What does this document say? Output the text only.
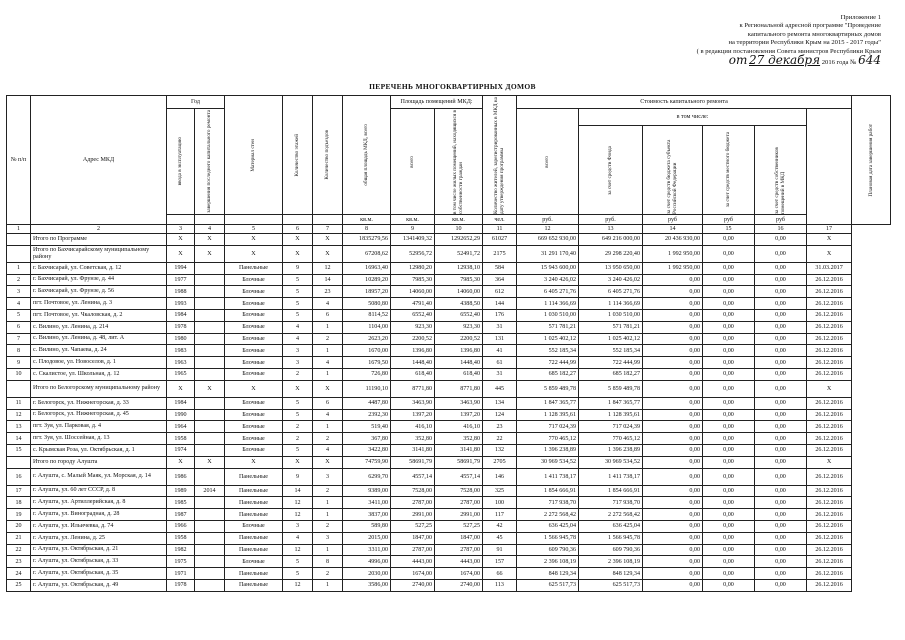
Приложение 1
к Региональной адресной программе "Проведение
капитального ремонта многоквартирных домов
на территории Республики Крым на 2015 - 2017 годы"
( в редакции постановления Совета министров Республики Крым
от 27 декабря 2016 года № 644
ПЕРЕЧЕНЬ МНОГОКВАРТИРНЫХ ДОМОВ
№ п/п	Адрес МКД	Год		Материал стен	Количество этажей	Количество подъездов	общая площадь МКД, всего	Площадь помещений МКД:		Количество жителей, зарегистрированных в МКД на дату утверждения программы	Стоимость капитального ремонта						Плановая дата завершения работ

		ввода в эксплуатацию	завершения последнего капитального ремонта					всего	в том числе жилых помещений, находящихся в собственности граждан		всего	в том числе:					

												за счет средств Фонда	за счет средств бюджета субъекта Российской Федерации	за счет средств местного бюджета	за счет средств собственников помещений в МКД		

							кв.м.	кв.м.	кв.м.	чел.	руб.	руб.	руб	руб	руб		
1	2	3	4	5	6	7	8	9	10	11	12	13	14	15	16	17	
	Итого по Программе	X	X	X	X	X	1835279,56	1341409,32	1292652,29	61027	669 652 930,00	649 216 000,00	20 436 930,00	0,00	0,00	X	
	Итого по Бахчисарайскому муниципальному району	X	X	X	X	X	67208,62	52956,72	52491,72	2175	31 291 170,40	29 298 220,40	1 992 950,00	0,00	0,00	X	
1	г. Бахчисарай, ул. Советская, д. 12	1994		Панельные	9	12	16963,40	12980,20	12938,10	584	15 943 600,00	13 950 650,00	1 992 950,00	0,00	0,00	31.03.2017	
2	г. Бахчисарай, ул. Фрунзе, д. 44	1977		Блочные	5	14	10289,20	7985,30	7985,30	364	3 240 426,02	3 240 426,02	0,00	0,00	0,00	26.12.2016	
3	г. Бахчисарай, ул. Фрунзе, д. 56	1988		Блочные	5	23	18957,20	14060,00	14060,00	612	6 405 271,76	6 405 271,76	0,00	0,00	0,00	26.12.2016	
4	пгт. Почтовое, ул. Ленина, д. 3	1993		Блочные	5	4	5080,80	4791,40	4388,50	144	1 114 366,69	1 114 366,69	0,00	0,00	0,00	26.12.2016	
5	пгт. Почтовое, ул. Чкаловская, д. 2	1984		Блочные	5	6	8114,52	6552,40	6552,40	176	1 030 510,00	1 030 510,00	0,00	0,00	0,00	26.12.2016	
6	с. Вилино, ул. Ленина, д. 214	1978		Блочные	4	1	1104,00	923,30	923,30	31	571 781,21	571 781,21	0,00	0,00	0,00	26.12.2016	
7	с. Вилино, ул. Ленина, д. 48, лит. А	1980		Блочные	4	2	2623,20	2200,52	2200,52	131	1 025 402,12	1 025 402,12	0,00	0,00	0,00	26.12.2016	
8	с. Вилино, ул. Чапаева, д. 24	1983		Блочные	3	1	1670,00	1396,80	1396,80	41	552 185,34	552 185,34	0,00	0,00	0,00	26.12.2016	
9	с. Плодовое, ул. Новоселов, д. 1	1963		Блочные	3	4	1679,50	1448,40	1448,40	61	722 444,99	722 444,99	0,00	0,00	0,00	26.12.2016	
10	с. Скалистое, ул. Школьная, д. 12	1965		Блочные	2	1	726,80	618,40	618,40	31	685 182,27	685 182,27	0,00	0,00	0,00	26.12.2016	
	Итого по Белогорскому муниципальному району	X	X	X	X	X	11190,10	8771,80	8771,80	445	5 859 489,78	5 859 489,78	0,00	0,00	0,00	X	
11	г. Белогорск, ул. Нижнегорская, д. 33	1984		Блочные	5	6	4487,80	3463,90	3463,90	134	1 847 365,77	1 847 365,77	0,00	0,00	0,00	26.12.2016	
12	г. Белогорск, ул. Нижнегорская, д. 45	1990		Блочные	5	4	2392,30	1397,20	1397,20	124	1 128 395,61	1 128 395,61	0,00	0,00	0,00	26.12.2016	
13	пгт. Зуя, ул. Парковая, д. 4	1964		Блочные	2	1	519,40	416,10	416,10	23	717 024,39	717 024,39	0,00	0,00	0,00	26.12.2016	
14	пгт. Зуя, ул. Шоссейная, д. 13	1958		Блочные	2	2	367,80	352,80	352,80	22	770 465,12	770 465,12	0,00	0,00	0,00	26.12.2016	
15	с. Крымская Роза, ул. Октябрьская, д. 1	1974		Блочные	5	4	3422,80	3141,80	3141,80	132	1 396 238,89	1 396 238,89	0,00	0,00	0,00	26.12.2016	
	Итого по городу Алушта	X	X	X	X	X	74759,90	58691,79	58691,79	2705	30 969 534,52	30 969 534,52	0,00	0,00	0,00	X	
16	г. Алушта, с. Малый Маяк, ул. Морская, д. 14	1986		Панельные	9	3	6299,70	4557,14	4557,14	146	1 411 738,17	1 411 738,17	0,00	0,00	0,00	26.12.2016	
17	г. Алушта, ул. 60 лет СССР, д. 8	1989	2014	Панельные	14	2	9389,00	7528,00	7528,00	325	1 854 666,91	1 854 666,91	0,00	0,00	0,00	26.12.2016	
18	г. Алушта, ул. Артиллерийская, д. 8	1985		Панельные	12	1	3411,00	2787,00	2787,00	100	717 938,70	717 938,70	0,00	0,00	0,00	26.12.2016	
19	г. Алушта, ул. Виноградная, д. 28	1987		Панельные	12	1	3837,00	2991,00	2991,00	117	2 272 568,42	2 272 568,42	0,00	0,00	0,00	26.12.2016	
20	г. Алушта, ул. Ильичевка, д. 74	1966		Блочные	3	2	589,80	527,25	527,25	42	636 425,04	636 425,04	0,00	0,00	0,00	26.12.2016	
21	г. Алушта, ул. Ленина, д. 25	1958		Панельные	4	3	2015,00	1847,00	1847,00	45	1 566 945,78	1 566 945,78	0,00	0,00	0,00	26.12.2016	
22	г. Алушта, ул. Октябрьская, д. 21	1982		Панельные	12	1	3311,00	2787,00	2787,00	91	609 790,36	609 790,36	0,00	0,00	0,00	26.12.2016	
23	г. Алушта, ул. Октябрьская, д. 33	1975		Блочные	5	8	4996,00	4443,00	4443,00	157	2 396 108,19	2 396 108,19	0,00	0,00	0,00	26.12.2016	
24	г. Алушта, ул. Октябрьская, д. 35	1971		Панельные	5	2	2030,00	1674,00	1674,00	66	848 129,34	848 129,34	0,00	0,00	0,00	26.12.2016	
25	г. Алушта, ул. Октябрьская, д. 49	1978		Панельные	12	1	3586,00	2740,00	2740,00	113	625 517,73	625 517,73	0,00	0,00	0,00	26.12.2016	
